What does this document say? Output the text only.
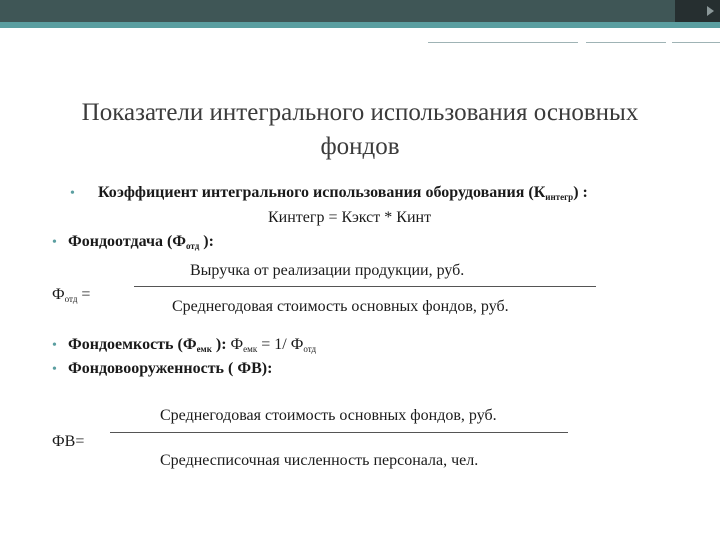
Показатели интегрального использования основных фондов
• Коэффициент интегрального использования оборудования $(К_{интегр})$ :
Кинтегр = Кэкст * Кинт
• Фондоотдача ($Ф_{отд}$ ):
Выручка от реализации продукции, руб.
$Ф_{отд}$ =
Среднегодовая стоимость основных фондов, руб.
• Фондоемкость ($Ф_{емк}$ ): $Ф_{емк} = 1/$ $Ф_{отд}$
• Фондовооруженность ( ФВ):
Среднегодовая стоимость основных фондов, руб.
ФВ=
Среднесписочная численность персонала, чел.
